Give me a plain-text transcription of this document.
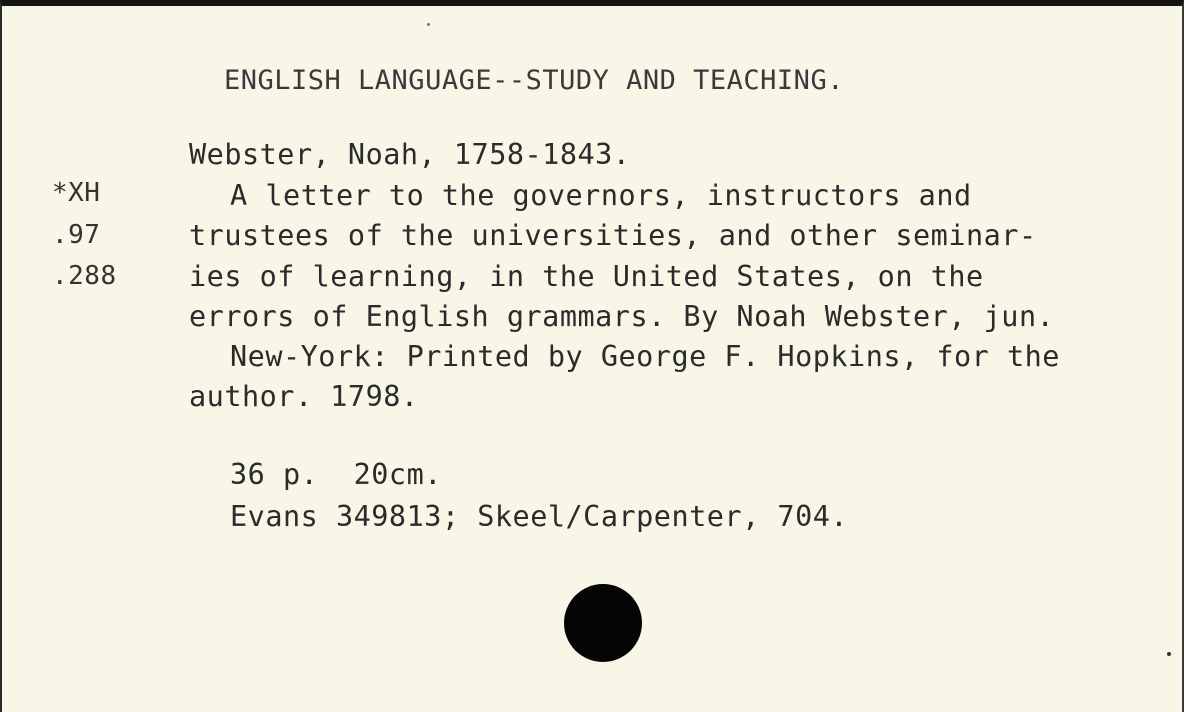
ENGLISH LANGUAGE--STUDY AND TEACHING.
*XH
.97
.288
Webster, Noah, 1758-1843.
A letter to the governors, instructors and
trustees of the universities, and other seminar-
ies of learning, in the United States, on the
errors of English grammars. By Noah Webster, jun.
New-York: Printed by George F. Hopkins, for the
author. 1798.
36 p.  20cm.
Evans 349813; Skeel/Carpenter, 704.
